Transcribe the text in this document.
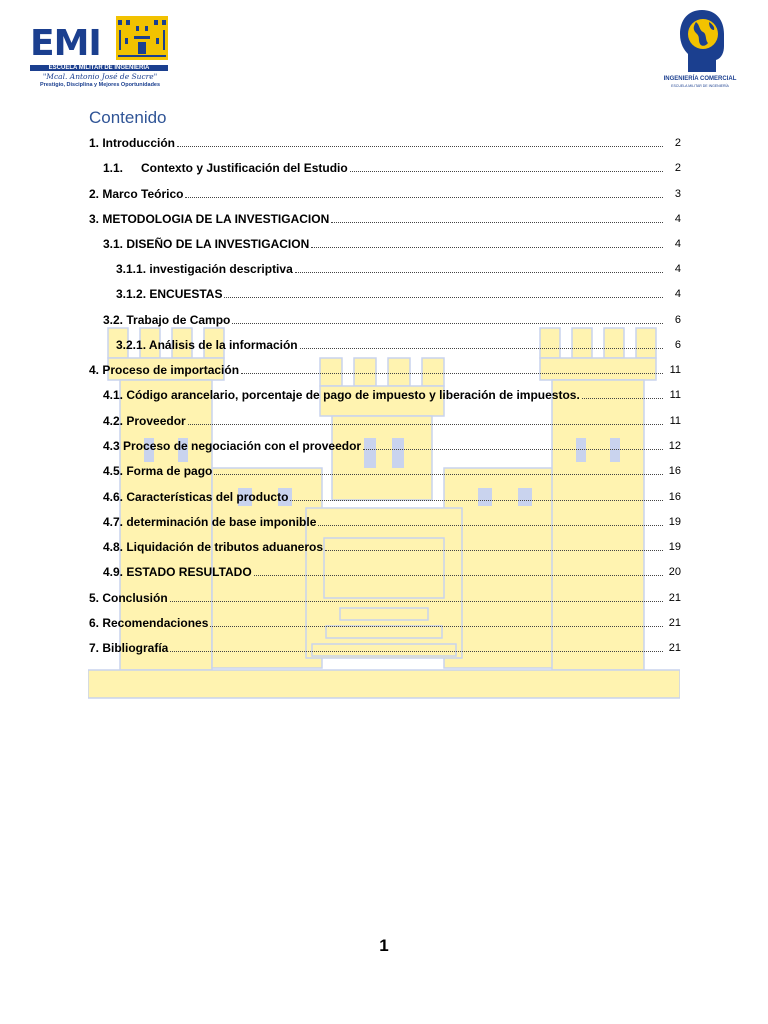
EMI
ESCUELA MILITAR DE INGENIERÍA
"Mcal. Antonio José de Sucre"
Prestigio, Disciplina y Mejores Oportunidades
INGENIERÍA COMERCIAL
ESCUELA MILITAR DE INGENIERÍA
Contenido
1. Introducción	2
1.1. Contexto y Justificación del Estudio	2
2. Marco Teórico	3
3. METODOLOGIA DE LA INVESTIGACION	4
3.1. DISEÑO DE LA INVESTIGACION	4
3.1.1. investigación descriptiva	4
3.1.2. ENCUESTAS	4
3.2. Trabajo de Campo	6
3.2.1. Análisis de la información	6
4. Proceso de importación	11
4.1. Código arancelario, porcentaje de pago de impuesto y liberación de impuestos.	11
4.2. Proveedor	11
4.3 Proceso de negociación con el proveedor	12
4.5. Forma de pago	16
4.6. Características del producto	16
4.7. determinación de base imponible	19
4.8. Liquidación de tributos aduaneros	19
4.9. ESTADO RESULTADO	20
5. Conclusión	21
6. Recomendaciones	21
7. Bibliografía	21
1
